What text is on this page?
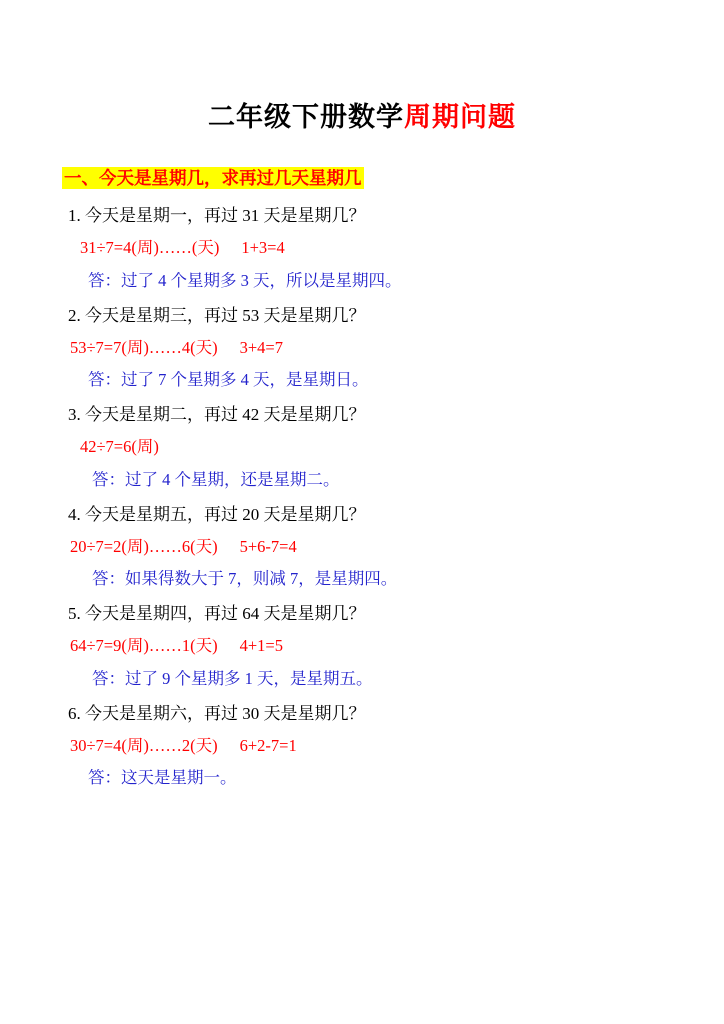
二年级下册数学周期问题
一、今天是星期几，求再过几天星期几

1. 今天是星期一，再过 31 天是星期几？

31÷7=4(周)……(天) 1+3=4

答：过了 4 个星期多 3 天，所以是星期四。

2. 今天是星期三，再过 53 天是星期几？

53÷7=7(周)……4(天) 3+4=7

答：过了 7 个星期多 4 天，是星期日。

3. 今天是星期二，再过 42 天是星期几？

42÷7=6(周)

答：过了 4 个星期，还是星期二。

4. 今天是星期五，再过 20 天是星期几？

20÷7=2(周)……6(天) 5+6-7=4

答：如果得数大于 7，则减 7，是星期四。

5. 今天是星期四，再过 64 天是星期几？

64÷7=9(周)……1(天) 4+1=5

答：过了 9 个星期多 1 天，是星期五。

6. 今天是星期六，再过 30 天是星期几？

30÷7=4(周)……2(天) 6+2-7=1

答：这天是星期一。
